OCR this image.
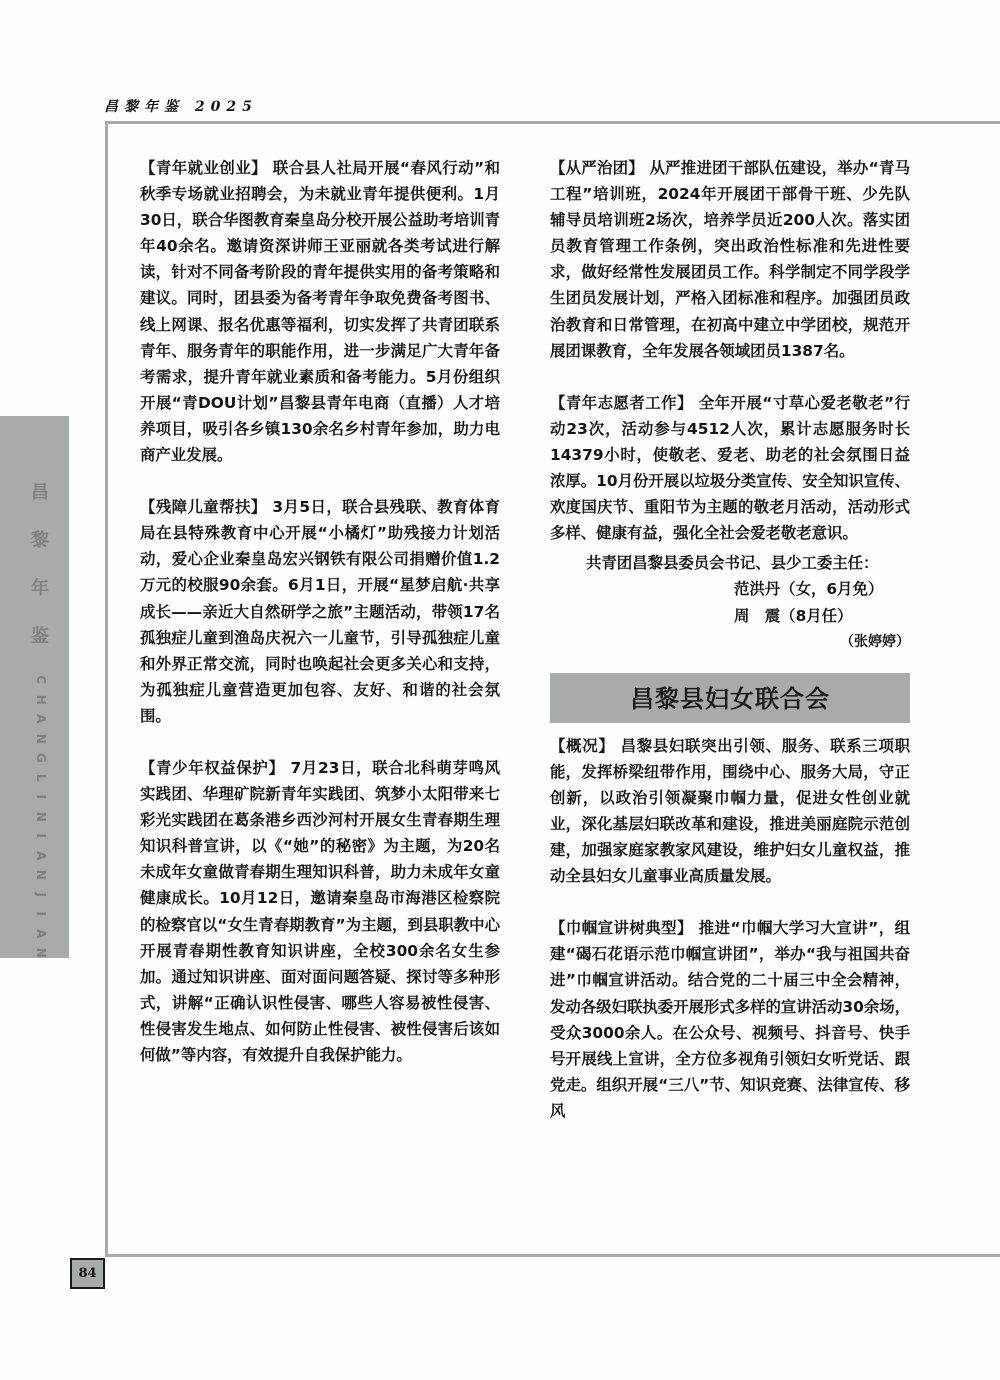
昌黎年鉴 2025
昌
黎
年
鉴
C
H
A
N
G
L
I
N
I
A
N
J
I
A
N
84

【青年就业创业】 联合县人社局开展“春风行动”和秋季专场就业招聘会，为未就业青年提供便利。1月30日，联合华图教育秦皇岛分校开展公益助考培训青年40余名。邀请资深讲师王亚丽就各类考试进行解读，针对不同备考阶段的青年提供实用的备考策略和建议。同时，团县委为备考青年争取免费备考图书、线上网课、报名优惠等福利，切实发挥了共青团联系青年、服务青年的职能作用，进一步满足广大青年备考需求，提升青年就业素质和备考能力。5月份组织开展“青DOU计划”昌黎县青年电商（直播）人才培养项目，吸引各乡镇130余名乡村青年参加，助力电商产业发展。

【残障儿童帮扶】 3月5日，联合县残联、教育体育局在县特殊教育中心开展“小橘灯”助残接力计划活动，爱心企业秦皇岛宏兴钢铁有限公司捐赠价值1.2万元的校服90余套。6月1日，开展“星梦启航·共享成长——亲近大自然研学之旅”主题活动，带领17名孤独症儿童到渔岛庆祝六一儿童节，引导孤独症儿童和外界正常交流，同时也唤起社会更多关心和支持，为孤独症儿童营造更加包容、友好、和谐的社会氛围。

【青少年权益保护】 7月23日，联合北科萌芽鸣风实践团、华理矿院新青年实践团、筑梦小太阳带来七彩光实践团在葛条港乡西沙河村开展女生青春期生理知识科普宣讲，以《“她”的秘密》为主题，为20名未成年女童做青春期生理知识科普，助力未成年女童健康成长。10月12日，邀请秦皇岛市海港区检察院的检察官以“女生青春期教育”为主题，到县职教中心开展青春期性教育知识讲座，全校300余名女生参加。通过知识讲座、面对面问题答疑、探讨等多种形式，讲解“正确认识性侵害、哪些人容易被性侵害、性侵害发生地点、如何防止性侵害、被性侵害后该如何做”等内容，有效提升自我保护能力。

【从严治团】 从严推进团干部队伍建设，举办“青马工程”培训班，2024年开展团干部骨干班、少先队辅导员培训班2场次，培养学员近200人次。落实团员教育管理工作条例，突出政治性标准和先进性要求，做好经常性发展团员工作。科学制定不同学段学生团员发展计划，严格入团标准和程序。加强团员政治教育和日常管理，在初高中建立中学团校，规范开展团课教育，全年发展各领域团员1387名。

【青年志愿者工作】 全年开展“寸草心爱老敬老”行动23次，活动参与4512人次，累计志愿服务时长14379小时，使敬老、爱老、助老的社会氛围日益浓厚。10月份开展以垃圾分类宣传、安全知识宣传、欢度国庆节、重阳节为主题的敬老月活动，活动形式多样、健康有益，强化全社会爱老敬老意识。

共青团昌黎县委员会书记、县少工委主任：

范洪丹（女，6月免）

周　震（8月任）

（张婷婷）

昌黎县妇女联合会

【概况】 昌黎县妇联突出引领、服务、联系三项职能，发挥桥梁纽带作用，围绕中心、服务大局，守正创新，以政治引领凝聚巾帼力量，促进女性创业就业，深化基层妇联改革和建设，推进美丽庭院示范创建，加强家庭家教家风建设，维护妇女儿童权益，推动全县妇女儿童事业高质量发展。

【巾帼宣讲树典型】 推进“巾帼大学习大宣讲”，组建“碣石花语示范巾帼宣讲团”，举办“我与祖国共奋进”巾帼宣讲活动。结合党的二十届三中全会精神，发动各级妇联执委开展形式多样的宣讲活动30余场，受众3000余人。在公众号、视频号、抖音号、快手号开展线上宣讲，全方位多视角引领妇女听党话、跟党走。组织开展“三八”节、知识竞赛、法律宣传、移风
